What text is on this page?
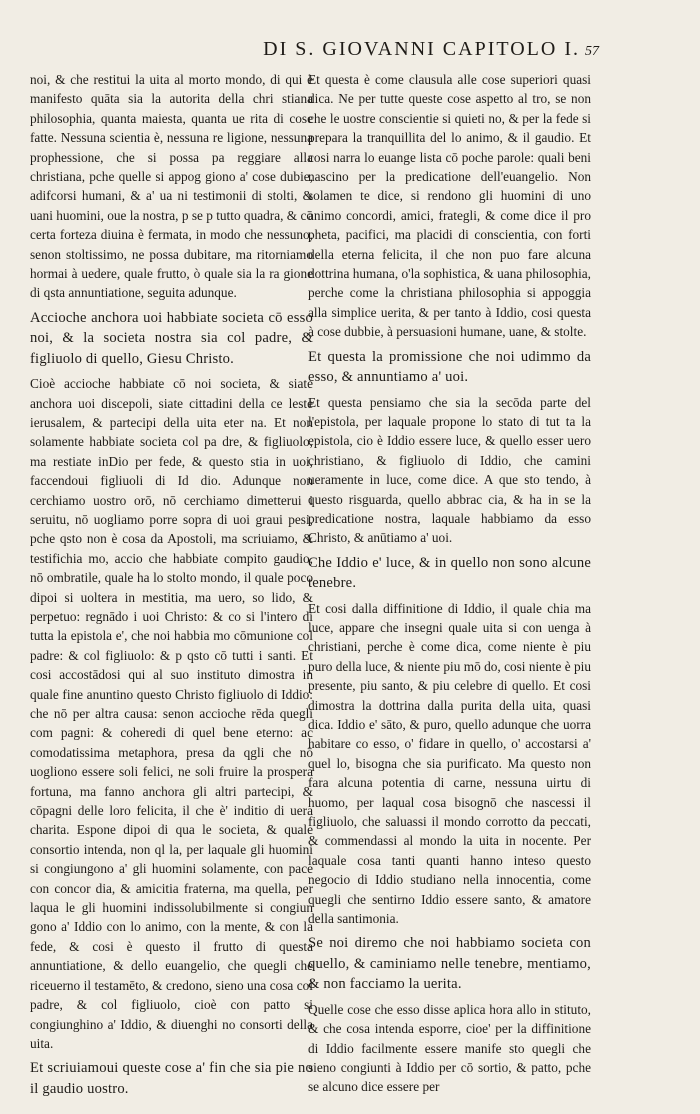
DI S. GIOVANNI CAPITOLO I. 57

noi, & che restitui la uita al morto mondo, di qui è manifesto quāta sia la autorita della chri stiana philosophia, quanta maiesta, quanta ue rita di cose fatte. Nessuna scientia è, nessuna re ligione, nessuna prophessione, che si possa pa reggiare alla christiana, pche quelle si appog giono a' cose dubie, adifcorsi humani, & a' ua ni testimonii di stolti, & uani huomini, oue la nostra, p se p tutto quadra, & cō certa forteza diuina è fermata, in modo che nessuno, senon stoltissimo, ne possa dubitare, ma ritorniamo hormai à uedere, quale frutto, ò quale sia la ra gione di qsta annuntiatione, seguita adunque.

Accioche anchora uoi habbiate societa cō esso noi, & la societa nostra sia col padre, & figliuolo di quello, Giesu Christo.

Cioè accioche habbiate cō noi societa, & siate anchora uoi discepoli, siate cittadini della ce leste ierusalem, & partecipi della uita eter na. Et non solamente habbiate societa col pa dre, & figliuolo, ma restiate inDio per fede, & questo stia in uoi, faccendoui figliuoli di Id dio. Adunque non cerchiamo uostro orō, nō cerchiamo dimetterui i seruitu, nō uogliamo porre sopra di uoi graui pesi, pche qsto non è cosa da Apostoli, ma scriuiamo, & testifichia mo, accio che habbiate compito gaudio, nō ombratile, quale ha lo stolto mondo, il quale poco dipoi si uoltera in mestitia, ma uero, so lido, & perpetuo: regnādo i uoi Christo: & co si l'intero di tutta la epistola e', che noi habbia mo cōmunione col padre: & col figliuolo: & p qsto cō tutti i santi. Et cosi accostādosi qui al suo instituto dimostra in quale fine anuntino questo Christo figliuolo di Iddio: che nō per altra causa: senon accioche rēda quegli com pagni: & coheredi di quel bene eterno: ac comodatissima metaphora, presa da qgli che nō uogliono essere soli felici, ne soli fruire la prospera fortuna, ma fanno anchora gli altri partecipi, & cōpagni delle loro felicita, il che è' inditio di uera charita. Espone dipoi di qua le societa, & quale consortio intenda, non ql la, per laquale gli huomini si congiungono a' gli huomini solamente, con pace con concor dia, & amicitia fraterna, ma quella, per laqua le gli huomini indissolubilmente si congiun gono a' Iddio con lo animo, con la mente, & con la fede, & cosi è questo il frutto di questa annuntiatione, & dello euangelio, che quegli che riceuerno il testamēto, & credono, sieno una cosa col padre, & col figliuolo, cioè con patto si congiunghino a' Iddio, & diuenghi no consorti della uita.

Et scriuiamoui queste cose a' fin che sia pie no il gaudio uostro.

Et questa è come clausula alle cose superiori quasi dica. Ne per tutte queste cose aspetto al tro, se non che le uostre conscientie si quieti no, & per la fede si prepara la tranquillita del lo animo, & il gaudio. Et cosi narra lo euange lista cō poche parole: quali beni nascino per la predicatione dell'euangelio. Non solamen te dice, si rendono gli huomini di uno animo concordi, amici, frategli, & come dice il pro pheta, pacifici, ma placidi di conscientia, con forti della eterna felicita, il che non puo fare alcuna dottrina humana, o'la sophistica, & uana philosophia, perche come la christiana philosophia si appoggia alla simplice uerita, & per tanto à Iddio, cosi questa à cose dubbie, à persuasioni humane, uane, & stolte.

Et questa la promissione che noi udimmo da esso, & annuntiamo a' uoi.

Et questa pensiamo che sia la secōda parte del l'epistola, per laquale propone lo stato di tut ta la epistola, cio è Iddio essere luce, & quello esser uero christiano, & figliuolo di Iddio, che camini ueramente in luce, come dice. A que sto tendo, à questo risguarda, quello abbrac cia, & ha in se la predicatione nostra, laquale habbiamo da esso Christo, & anūtiamo a' uoi.

Che Iddio e' luce, & in quello non sono alcune tenebre.

Et cosi dalla diffinitione di Iddio, il quale chia ma luce, appare che insegni quale uita si con uenga à christiani, perche è come dica, come niente è piu puro della luce, & niente piu mō do, cosi niente è piu presente, piu santo, & piu celebre di quello. Et cosi dimostra la dottrina dalla purita della uita, quasi dica. Iddio e' sāto, & puro, quello adunque che uorra habitare co esso, o' fidare in quello, o' accostarsi a' quel lo, bisogna che sia purificato. Ma questo non fara alcuna potentia di carne, nessuna uirtu di huomo, per laqual cosa bisognō che nascessi il figliuolo, che saluassi il mondo corrotto da peccati, & commendassi al mondo la uita in nocente. Per laquale cosa tanti quanti hanno inteso questo negocio di Iddio studiano nella innocentia, come quegli che sentirno Iddio essere santo, & amatore della santimonia.

Se noi diremo che noi habbiamo societa con quello, & caminiamo nelle tenebre, mentiamo, & non facciamo la uerita.

Quelle cose che esso disse aplica hora allo in stituto, & che cosa intenda esporre, cioe' per la diffinitione di Iddio facilmente essere manife sto quegli che sieno congiunti à Iddio per cō sortio, & patto, pche se alcuno dice essere per
